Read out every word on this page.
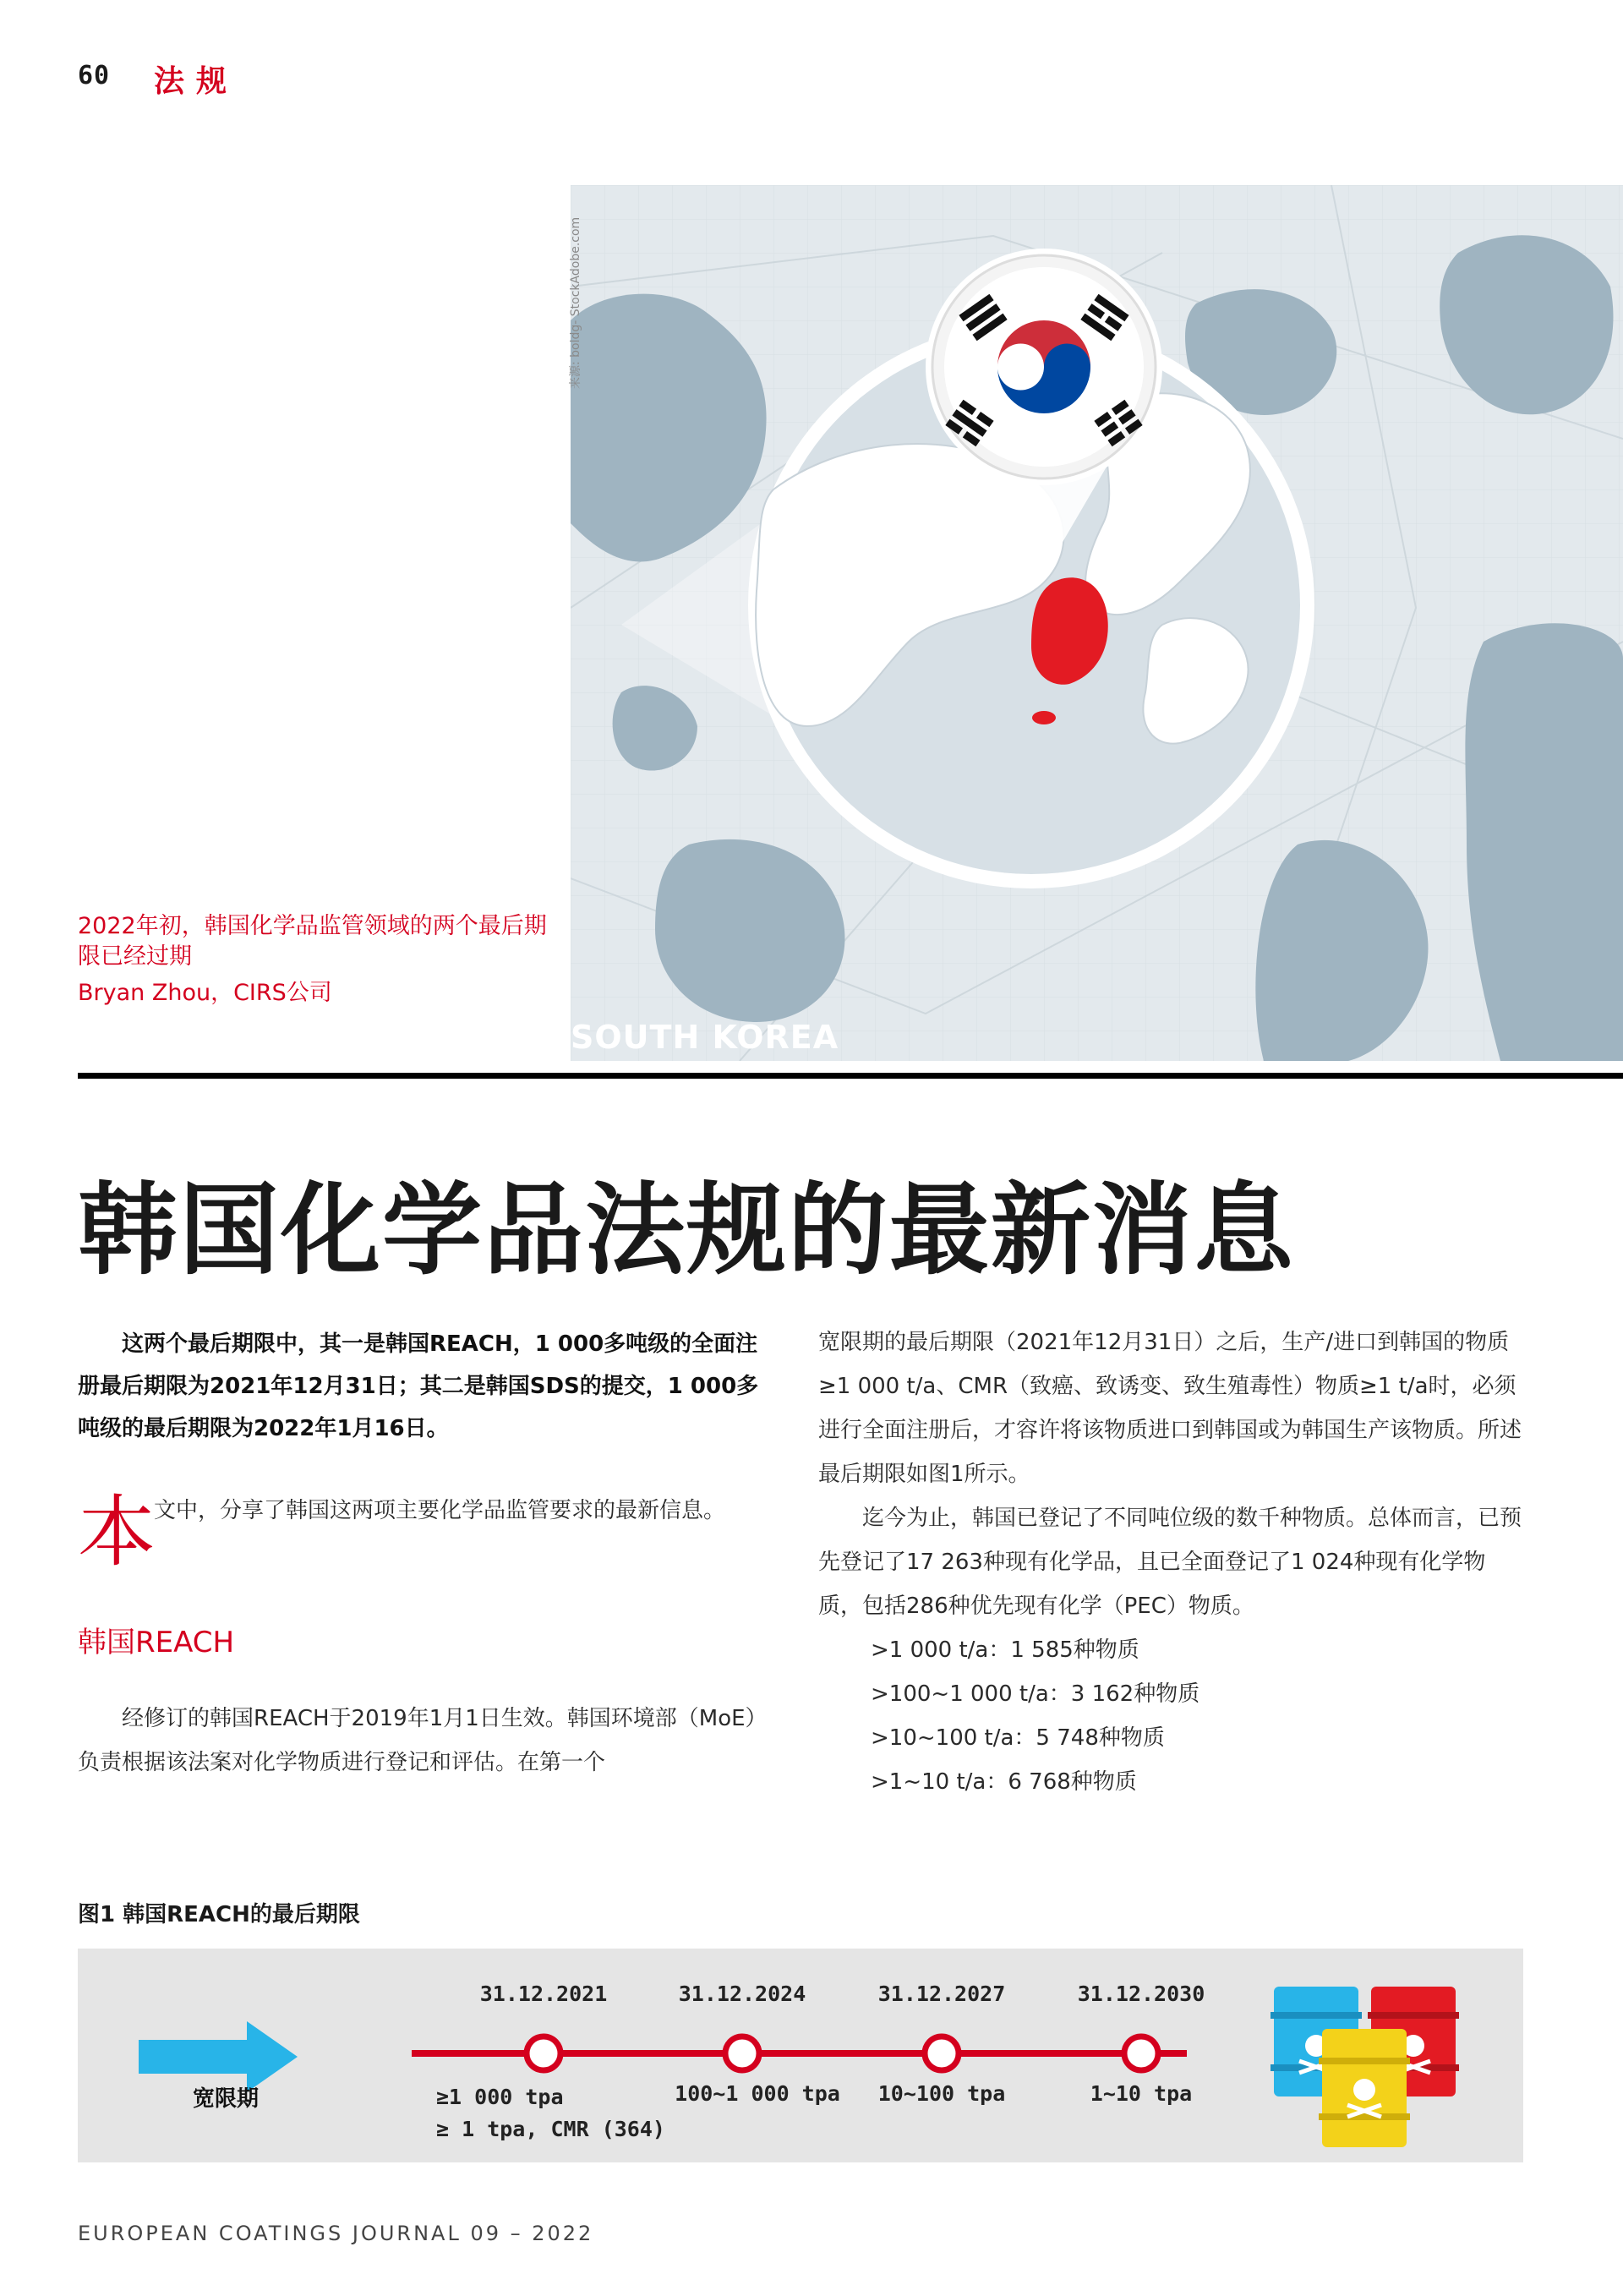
60 法规
SOUTH KOREA
来源: boldg- StockAdobe.com
2022年初，韩国化学品监管领域的两个最后期限已经过期
Bryan Zhou，CIRS公司
韩国化学品法规的最新消息

这两个最后期限中，其一是韩国REACH，1 000多吨级的全面注册最后期限为2021年12月31日；其二是韩国SDS的提交，1 000多吨级的最后期限为2022年1月16日。

本
文中，分享了韩国这两项主要化学品监管要求的最新信息。

韩国REACH

经修订的韩国REACH于2019年1月1日生效。韩国环境部（MoE）负责根据该法案对化学物质进行登记和评估。在第一个

宽限期的最后期限（2021年12月31日）之后，生产/进口到韩国的物质≥1 000 t/a、CMR（致癌、致诱变、致生殖毒性）物质≥1 t/a时，必须进行全面注册后，才容许将该物质进口到韩国或为韩国生产该物质。所述最后期限如图1所示。

迄今为止，韩国已登记了不同吨位级的数千种物质。总体而言，已预先登记了17 263种现有化学品，且已全面登记了1 024种现有化学物质，包括286种优先现有化学（PEC）物质。

>1 000 t/a：1 585种物质

>100~1 000 t/a：3 162种物质

>10~100 t/a：5 748种物质

>1~10 t/a：6 768种物质

图1 韩国REACH的最后期限
宽限期
31.12.2021
≥1 000 tpa
≥ 1 tpa, CMR (364)
31.12.2024
100~1 000 tpa
31.12.2027
10~100 tpa
31.12.2030
1~10 tpa
EUROPEAN COATINGS JOURNAL 09 – 2022
